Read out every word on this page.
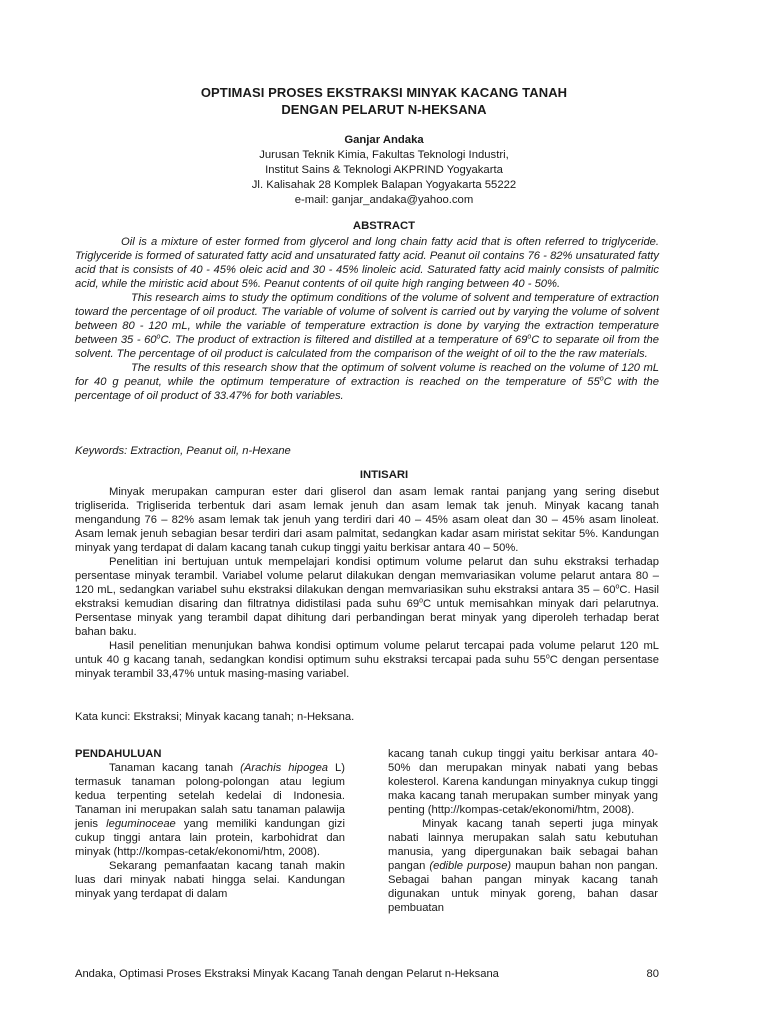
OPTIMASI PROSES EKSTRAKSI MINYAK KACANG TANAH
DENGAN PELARUT N-HEKSANA
Ganjar Andaka
Jurusan Teknik Kimia, Fakultas Teknologi Industri,
Institut Sains & Teknologi AKPRIND Yogyakarta
Jl. Kalisahak 28 Komplek Balapan Yogyakarta 55222
e-mail: ganjar_andaka@yahoo.com
ABSTRACT

Oil is a mixture of ester formed from glycerol and long chain fatty acid that is often referred to triglyceride. Triglyceride is formed of saturated fatty acid and unsaturated fatty acid. Peanut oil contains 76 - 82% unsaturated fatty acid that is consists of 40 - 45% oleic acid and 30 - 45% linoleic acid. Saturated fatty acid mainly consists of palmitic acid, while the miristic acid about 5%. Peanut contents of oil quite high ranging between 40 - 50%.

This research aims to study the optimum conditions of the volume of solvent and temperature of extraction toward the percentage of oil product. The variable of volume of solvent is carried out by varying the volume of solvent between 80 - 120 mL, while the variable of temperature extraction is done by varying the extraction temperature between 35 - 60$^o$C. The product of extraction is filtered and distilled at a temperature of 69$^o$C to separate oil from the solvent. The percentage of oil product is calculated from the comparison of the weight of oil to the the raw materials.

The results of this research show that the optimum of solvent volume is reached on the volume of 120 mL for 40 g peanut, while the optimum temperature of extraction is reached on the temperature of 55$^o$C with the percentage of oil product of 33.47% for both variables.

Keywords: Extraction, Peanut oil, n-Hexane
INTISARI

Minyak merupakan campuran ester dari gliserol dan asam lemak rantai panjang yang sering disebut trigliserida. Trigliserida terbentuk dari asam lemak jenuh dan asam lemak tak jenuh. Minyak kacang tanah mengandung 76 – 82% asam lemak tak jenuh yang terdiri dari 40 – 45% asam oleat dan 30 – 45% asam linoleat. Asam lemak jenuh sebagian besar terdiri dari asam palmitat, sedangkan kadar asam miristat sekitar 5%. Kandungan minyak yang terdapat di dalam kacang tanah cukup tinggi yaitu berkisar antara 40 – 50%.

Penelitian ini bertujuan untuk mempelajari kondisi optimum volume pelarut dan suhu ekstraksi terhadap persentase minyak terambil. Variabel volume pelarut dilakukan dengan memvariasikan volume pelarut antara 80 – 120 mL, sedangkan variabel suhu ekstraksi dilakukan dengan memvariasikan suhu ekstraksi antara 35 – 60$^o$C. Hasil ekstraksi kemudian disaring dan filtratnya didistilasi pada suhu 69$^o$C untuk memisahkan minyak dari pelarutnya. Persentase minyak yang terambil dapat dihitung dari perbandingan berat minyak yang diperoleh terhadap berat bahan baku.

Hasil penelitian menunjukan bahwa kondisi optimum volume pelarut tercapai pada volume pelarut 120 mL untuk 40 g kacang tanah, sedangkan kondisi optimum suhu ekstraksi tercapai pada suhu 55$^o$C dengan persentase minyak terambil 33,47% untuk masing-masing variabel.

Kata kunci: Ekstraksi; Minyak kacang tanah; n-Heksana.

PENDAHULUAN

Tanaman kacang tanah (Arachis hipogea L) termasuk tanaman polong-polongan atau legium kedua terpenting setelah kedelai di Indonesia. Tanaman ini merupakan salah satu tanaman palawija jenis leguminoceae yang memiliki kandungan gizi cukup tinggi antara lain protein, karbohidrat dan minyak (http://kompas-cetak/ekonomi/htm, 2008).

Sekarang pemanfaatan kacang tanah makin luas dari minyak nabati hingga selai. Kandungan minyak yang terdapat di dalam

kacang tanah cukup tinggi yaitu berkisar antara 40-50% dan merupakan minyak nabati yang bebas kolesterol. Karena kandungan minyaknya cukup tinggi maka kacang tanah merupakan sumber minyak yang penting (http://kompas-cetak/ekonomi/htm, 2008).

Minyak kacang tanah seperti juga minyak nabati lainnya merupakan salah satu kebutuhan manusia, yang dipergunakan baik sebagai bahan pangan (edible purpose) maupun bahan non pangan. Sebagai bahan pangan minyak kacang tanah digunakan untuk minyak goreng, bahan dasar pembuatan

Andaka, Optimasi Proses Ekstraksi Minyak Kacang Tanah dengan Pelarut n-Heksana	80
